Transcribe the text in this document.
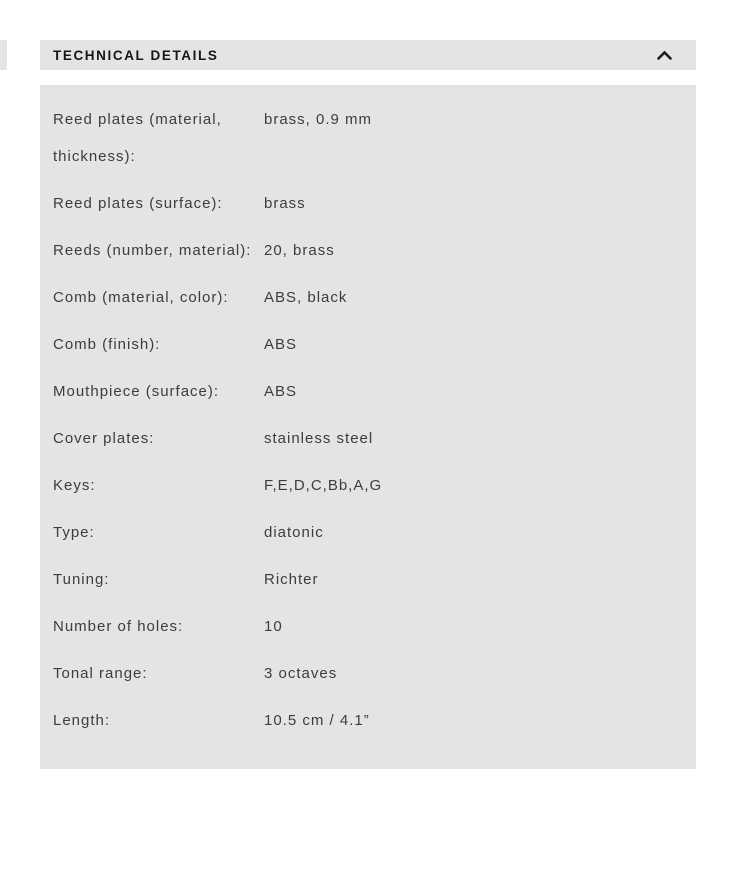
TECHNICAL DETAILS
Reed plates (material, thickness):
brass, 0.9 mm
Reed plates (surface):	brass
Reeds (number, material): 20, brass
Comb (material, color):	ABS, black
Comb (finish):	ABS
Mouthpiece (surface):	ABS
Cover plates:	stainless steel
Keys:	F,E,D,C,Bb,A,G
Type:	diatonic
Tuning:	Richter
Number of holes:	10
Tonal range:	3 octaves
Length:	10.5 cm / 4.1”
